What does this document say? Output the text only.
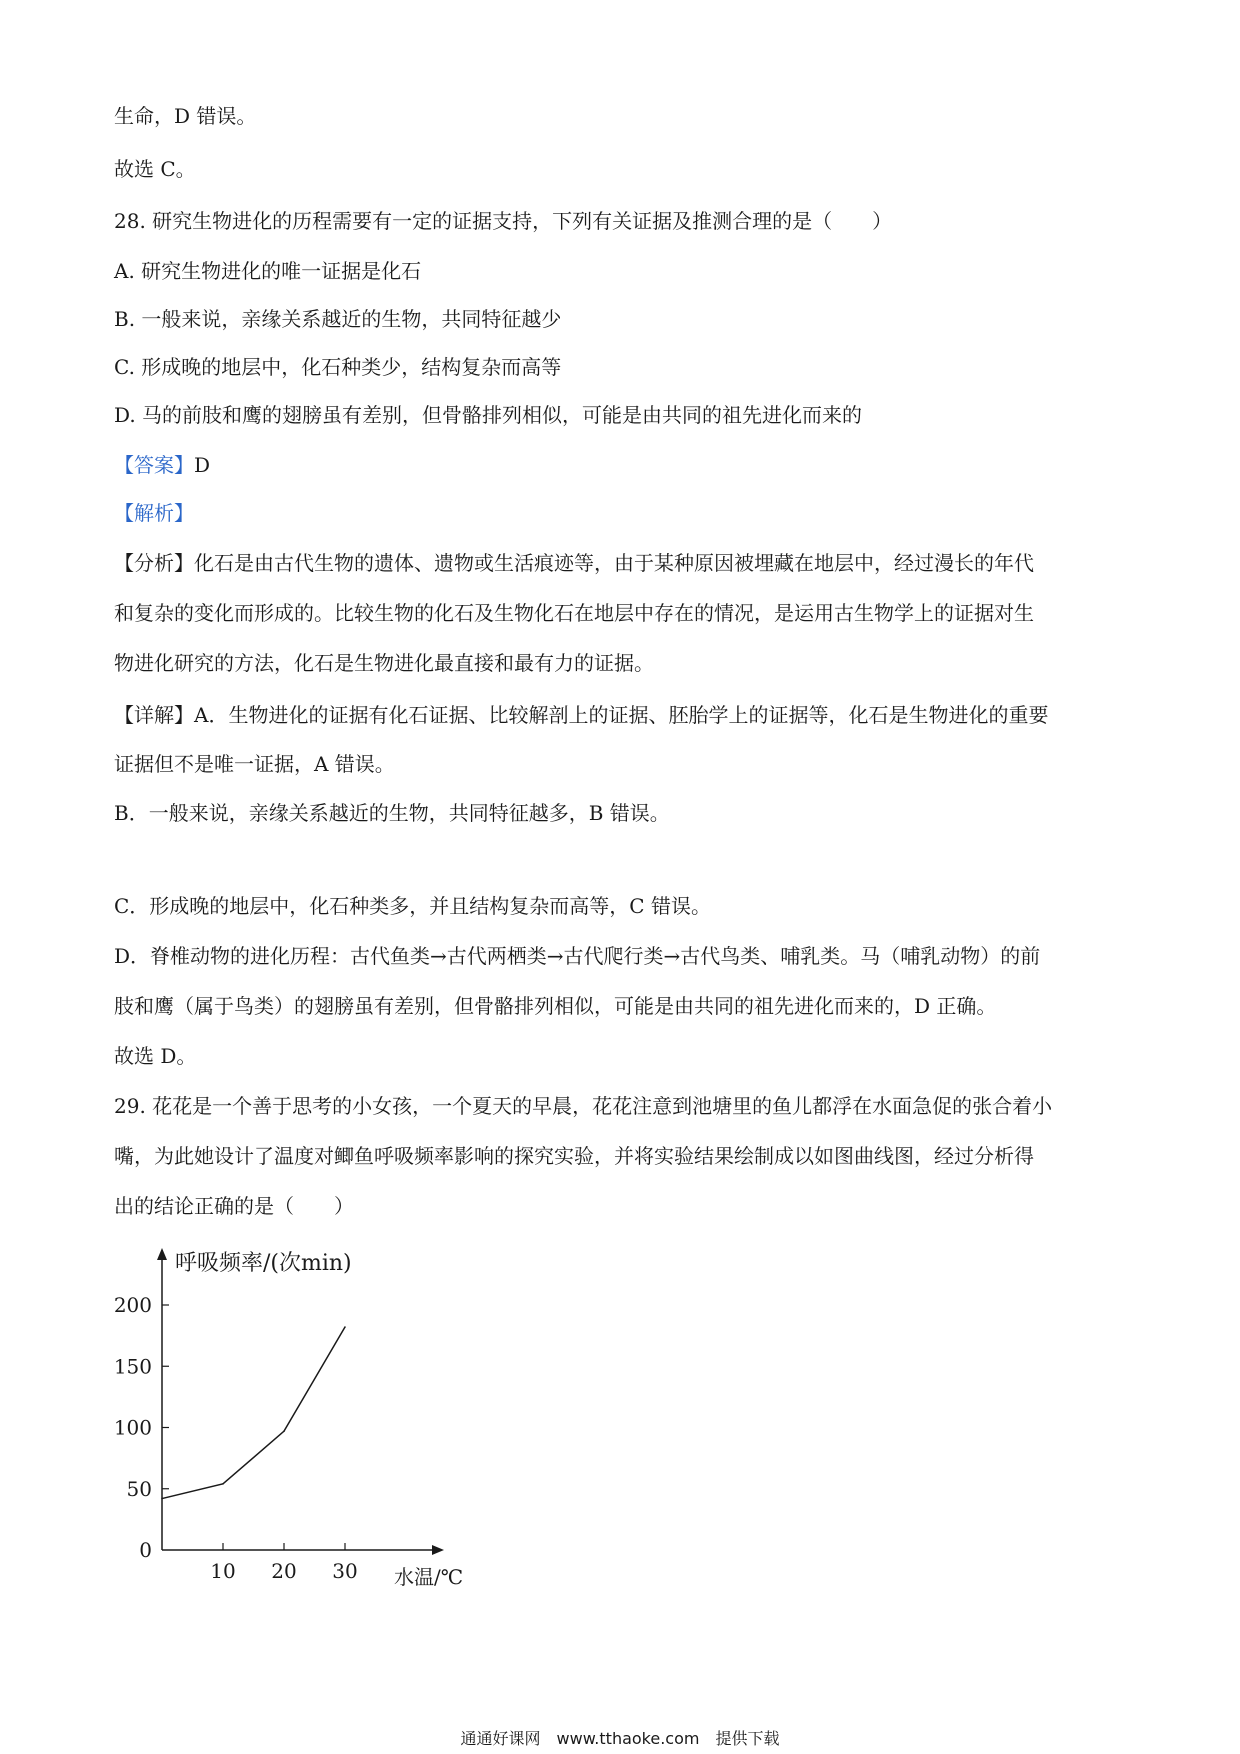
生命，D 错误。
故选 C。
28. 研究生物进化的历程需要有一定的证据支持，下列有关证据及推测合理的是（　　）
A. 研究生物进化的唯一证据是化石
B. 一般来说，亲缘关系越近的生物，共同特征越少
C. 形成晚的地层中，化石种类少，结构复杂而高等
D. 马的前肢和鹰的翅膀虽有差别，但骨骼排列相似，可能是由共同的祖先进化而来的
【答案】D
【解析】
【分析】化石是由古代生物的遗体、遗物或生活痕迹等，由于某种原因被埋藏在地层中，经过漫长的年代
和复杂的变化而形成的。比较生物的化石及生物化石在地层中存在的情况，是运用古生物学上的证据对生
物进化研究的方法，化石是生物进化最直接和最有力的证据。
【详解】A．生物进化的证据有化石证据、比较解剖上的证据、胚胎学上的证据等，化石是生物进化的重要
证据但不是唯一证据，A 错误。
B．一般来说，亲缘关系越近的生物，共同特征越多，B 错误。
C．形成晚的地层中，化石种类多，并且结构复杂而高等，C 错误。
D．脊椎动物的进化历程：古代鱼类→古代两栖类→古代爬行类→古代鸟类、哺乳类。马（哺乳动物）的前
肢和鹰（属于鸟类）的翅膀虽有差别，但骨骼排列相似，可能是由共同的祖先进化而来的，D 正确。
故选 D。
29. 花花是一个善于思考的小女孩，一个夏天的早晨，花花注意到池塘里的鱼儿都浮在水面急促的张合着小
嘴，为此她设计了温度对鲫鱼呼吸频率影响的探究实验，并将实验结果绘制成以如图曲线图，经过分析得
出的结论正确的是（　　）
呼吸频率/(次min)
水温/℃
0
50
100
150
200
10 20 30
通通好课网　www.tthaoke.com　提供下载
